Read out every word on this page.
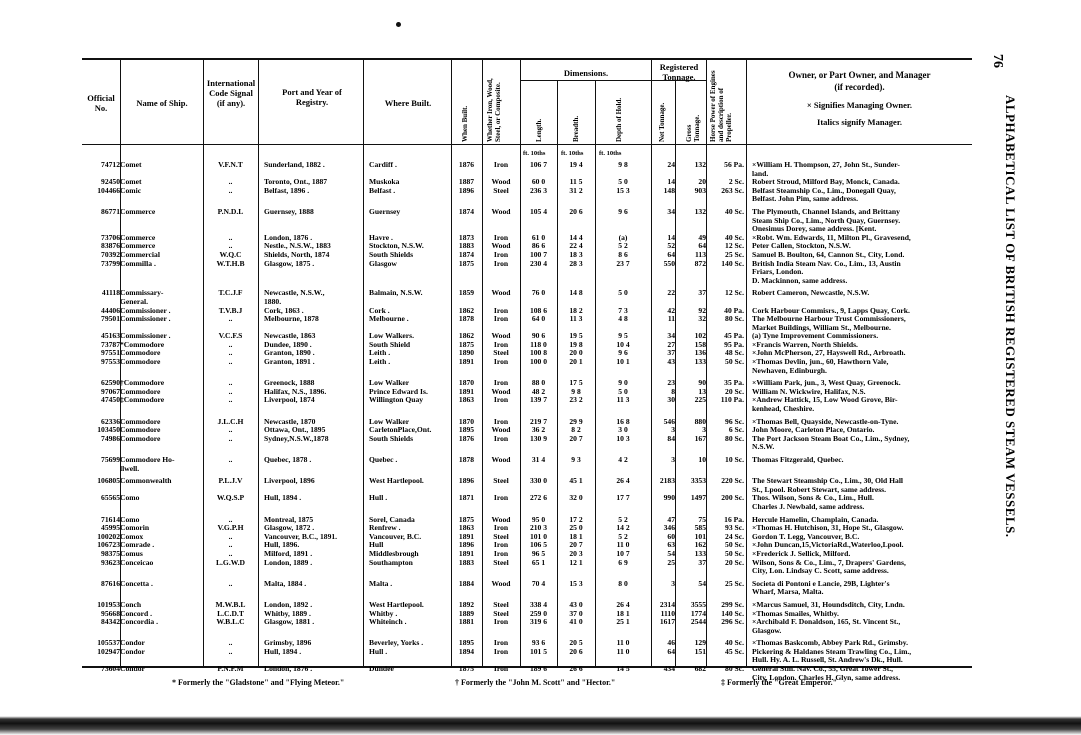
Official No.	Name of Ship.
International Code Signal (if any).
Port and Year of Registry.	Where Built.
When Built. Whether Iron, Wood, Steel, or Composite.
Dimensions.
Length.	Breadth.	Depth of Hold.
Registered Tonnage.
Net Tonnage.	Gross Tonnage. Horse Power of Engines and description of Propeller.
Owner, or Part Owner, and Manager
(if recorded).
× Signifies Managing Owner.
Italics signify Manager.
ft. 10ths ft. 10ths ft. 10ths
74712	Comet	V.F.N.T	Sunderland, 1882 .	Cardiff .	1876	Iron	106 7	19 4	9 8	24	132	56 Pa.	×William H. Thompson, 27, John St., Sunder-
													land.
92450	Comet	..	Toronto, Ont., 1887	Muskoka	1887	Wood	60 0	11 5	5 0	14	20	2 Sc.	Robert Stroud, Milford Bay, Monck, Canada.
104466	Comic	..	Belfast, 1896 .	Belfast .	1896	Steel	236 3	31 2	15 3	148	903	263 Sc.	Belfast Steamship Co., Lim., Donegall Quay,
													Belfast. John Pim, same address.
86771	Commerce	P.N.D.L	Guernsey, 1888	Guernsey	1874	Wood	105 4	20 6	9 6	34	132	40 Sc.	The Plymouth, Channel Islands, and Brittany
													Steam Ship Co., Lim., North Quay, Guernsey.
													Onesimus Dorey, same address. [Kent.
73706	Commerce	..	London, 1876 .	Havre .	1873	Iron	61 0	14 4	(a)	14	49	40 Sc.	×Robt. Wm. Edwards, 11, Milton Pl., Gravesend,
83876	Commerce	..	Nestle., N.S.W., 1883	Stockton, N.S.W.	1883	Wood	86 6	22 4	5 2	52	64	12 Sc.	Peter Callen, Stockton, N.S.W.
70392	Commercial	W.Q.C	Shields, North, 1874	South Shields	1874	Iron	100 7	18 3	8 6	64	113	25 Sc.	Samuel B. Boulton, 64, Cannon St., City, Lond.
73799	Commilla .	W.T.H.B	Glasgow, 1875 .	Glasgow	1875	Iron	230 4	28 3	23 7	550	872	140 Sc.	British India Steam Nav. Co., Lim., 13, Austin
													Friars, London.
													D. Mackinnon, same address.
41118	Commissary-	T.C.J.F	Newcastle, N.S.W.,	Balmain, N.S.W.	1859	Wood	76 0	14 8	5 0	22	37	12 Sc.	Robert Cameron, Newcastle, N.S.W.
	General.		1880.										
44406	Commissioner .	T.V.B.J	Cork, 1863 .	Cork .	1862	Iron	108 6	18 2	7 3	42	92	40 Pa.	Cork Harbour Commisrs., 9, Lapps Quay, Cork.
79501	Commissioner .	..	Melbourne, 1878	Melbourne .	1878	Iron	64 0	11 3	4 8	11	32	80 Sc.	The Melbourne Harbour Trust Commissioners,
													Market Buildings, William St., Melbourne.
45163	Commissioner .	V.C.F.S	Newcastle, 1863	Low Walkers.	1862	Wood	90 6	19 5	9 5	34	102	45 Pa.	(a) Tyne Improvement Commissioners.
73787	*Commodore	..	Dundee, 1890 .	South Shield	1875	Iron	118 0	19 8	10 4	27	158	95 Pa.	×Francis Warren, North Shields.
97551	Commodore	..	Granton, 1890 .	Leith .	1890	Steel	100 8	20 0	9 6	37	136	48 Sc.	×John McPherson, 27, Hayswell Rd., Arbroath.
97553	Commodore	..	Granton, 1891 .	Leith .	1891	Iron	100 0	20 1	10 1	43	133	50 Sc.	×Thomas Devlin, jun., 60, Hawthorn Vale,
													Newhaven, Edinburgh.
62590	†Commodore	..	Greenock, 1888	Low Walker	1870	Iron	88 0	17 5	9 0	23	90	35 Pa.	×William Park, jun., 3, West Quay, Greenock.
97067	Commodore	..	Halifax, N.S., 1896.	Prince Edward Is.	1891	Wood	48 2	9 8	5 0	8	13	20 Sc.	William N. Wickwire, Halifax, N.S.
47450	‡Commodore	..	Liverpool, 1874	Willington Quay	1863	Iron	139 7	23 2	11 3	30	225	110 Pa.	×Andrew Hattick, 15, Low Wood Grove, Bir-
													kenhead, Cheshire.
62336	Commodore	J.L.C.H	Newcastle, 1870	Low Walker	1870	Iron	219 7	29 9	16 8	546	880	96 Sc.	×Thomas Bell, Quayside, Newcastle-on-Tyne.
103450	Commodore	..	Ottawa, Ont., 1895	CarletonPlace,Ont.	1895	Wood	36 2	8 2	3 0	3	3	6 Sc.	John Moore, Carleton Place, Ontario.
74986	Commodore	..	Sydney,N.S.W.,1878	South Shields	1876	Iron	130 9	20 7	10 3	84	167	80 Sc.	The Port Jackson Steam Boat Co., Lim., Sydney,
													N.S.W.
75699	Commodore Ho-	..	Quebec, 1878 .	Quebec .	1878	Wood	31 4	9 3	4 2	3	10	10 Sc.	Thomas Fitzgerald, Quebec.
	llwell.												
106805	Commonwealth	P.L.J.V	Liverpool, 1896	West Hartlepool.	1896	Steel	330 0	45 1	26 4	2183	3353	220 Sc.	The Stewart Steamship Co., Lim., 30, Old Hall
													St., Lpool. Robert Stewart, same address.
65565	Como	W.Q.S.P	Hull, 1894 .	Hull .	1871	Iron	272 6	32 0	17 7	990	1497	200 Sc.	Thos. Wilson, Sons & Co., Lim., Hull.
													Charles J. Newbald, same address.
71614	Como	..	Montreal, 1875	Sorel, Canada	1875	Wood	95 0	17 2	5 2	47	75	16 Pa.	Hercule Hamelin, Champlain, Canada.
45995	Comorin	V.G.P.H	Glasgow, 1872 .	Renfrew .	1863	Iron	210 3	25 0	14 2	346	585	93 Sc.	×Thomas H. Hutchison, 31, Hope St., Glasgow.
100202	Comox	..	Vancouver, B.C., 1891.	Vancouver, B.C.	1891	Steel	101 0	18 1	5 2	60	101	24 Sc.	Gordon T. Legg, Vancouver, B.C.
106723	Comrade .	..	Hull, 1896.	Hull	1896	Iron	106 5	20 7	11 0	63	162	50 Sc.	×John Duncan,15,VictoriaRd.,Waterloo,Lpool.
98375	Comus	..	Milford, 1891 .	Middlesbrough	1891	Iron	96 5	20 3	10 7	54	133	50 Sc.	×Frederick J. Sellick, Milford.
93623	Conceicao	L.G.W.D	London, 1889 .	Southampton	1883	Steel	65 1	12 1	6 9	25	37	20 Sc.	Wilson, Sons & Co., Lim., 7, Drapers' Gardens,
													City, Lon. Lindsay C. Scott, same address.
87616	Concetta .	..	Malta, 1884 .	Malta .	1884	Wood	70 4	15 3	8 0	3	54	25 Sc.	Societa di Pontoni e Lancie, 29B, Lighter's
													Wharf, Marsa, Malta.
101953	Conch	M.W.B.L	London, 1892 .	West Hartlepool.	1892	Steel	338 4	43 0	26 4	2314	3555	299 Sc.	×Marcus Samuel, 31, Houndsditch, City, Lndn.
95668	Concord .	L.C.D.T	Whitby, 1889 .	Whitby .	1889	Steel	259 0	37 0	18 1	1110	1774	140 Sc.	×Thomas Smailes, Whitby.
84342	Concordia .	W.B.L.C	Glasgow, 1881 .	Whiteinch .	1881	Iron	319 6	41 0	25 1	1617	2544	296 Sc.	×Archibald F. Donaldson, 165, St. Vincent St.,
													Glasgow.
105537	Condor	..	Grimsby, 1896	Beverley, Yorks .	1895	Iron	93 6	20 5	11 0	46	129	40 Sc.	×Thomas Baskcomb, Abbey Park Rd., Grimsby.
102947	Condor	..	Hull, 1894 .	Hull .	1894	Iron	101 5	20 6	11 0	64	151	45 Sc.	Pickering & Haldanes Steam Trawling Co., Lim.,
													Hull. Hy. A. L. Russell, St. Andrew's Dk., Hull.
73604	Condor	P.N.F.M	London, 1876 .	Dundee	1875	Iron	189 6	26 6	14 5	434	682	80 Sc.	General Stm. Nav. Co., 55, Great Tower St.,
													City, London. Charles H. Glyn, same address.
ALPHABETICAL LIST OF BRITISH REGISTERED STEAM VESSELS.
76
* Formerly the "Gladstone" and "Flying Meteor."	† Formerly the "John M. Scott" and "Hector."	‡ Formerly the "Great Emperor."
